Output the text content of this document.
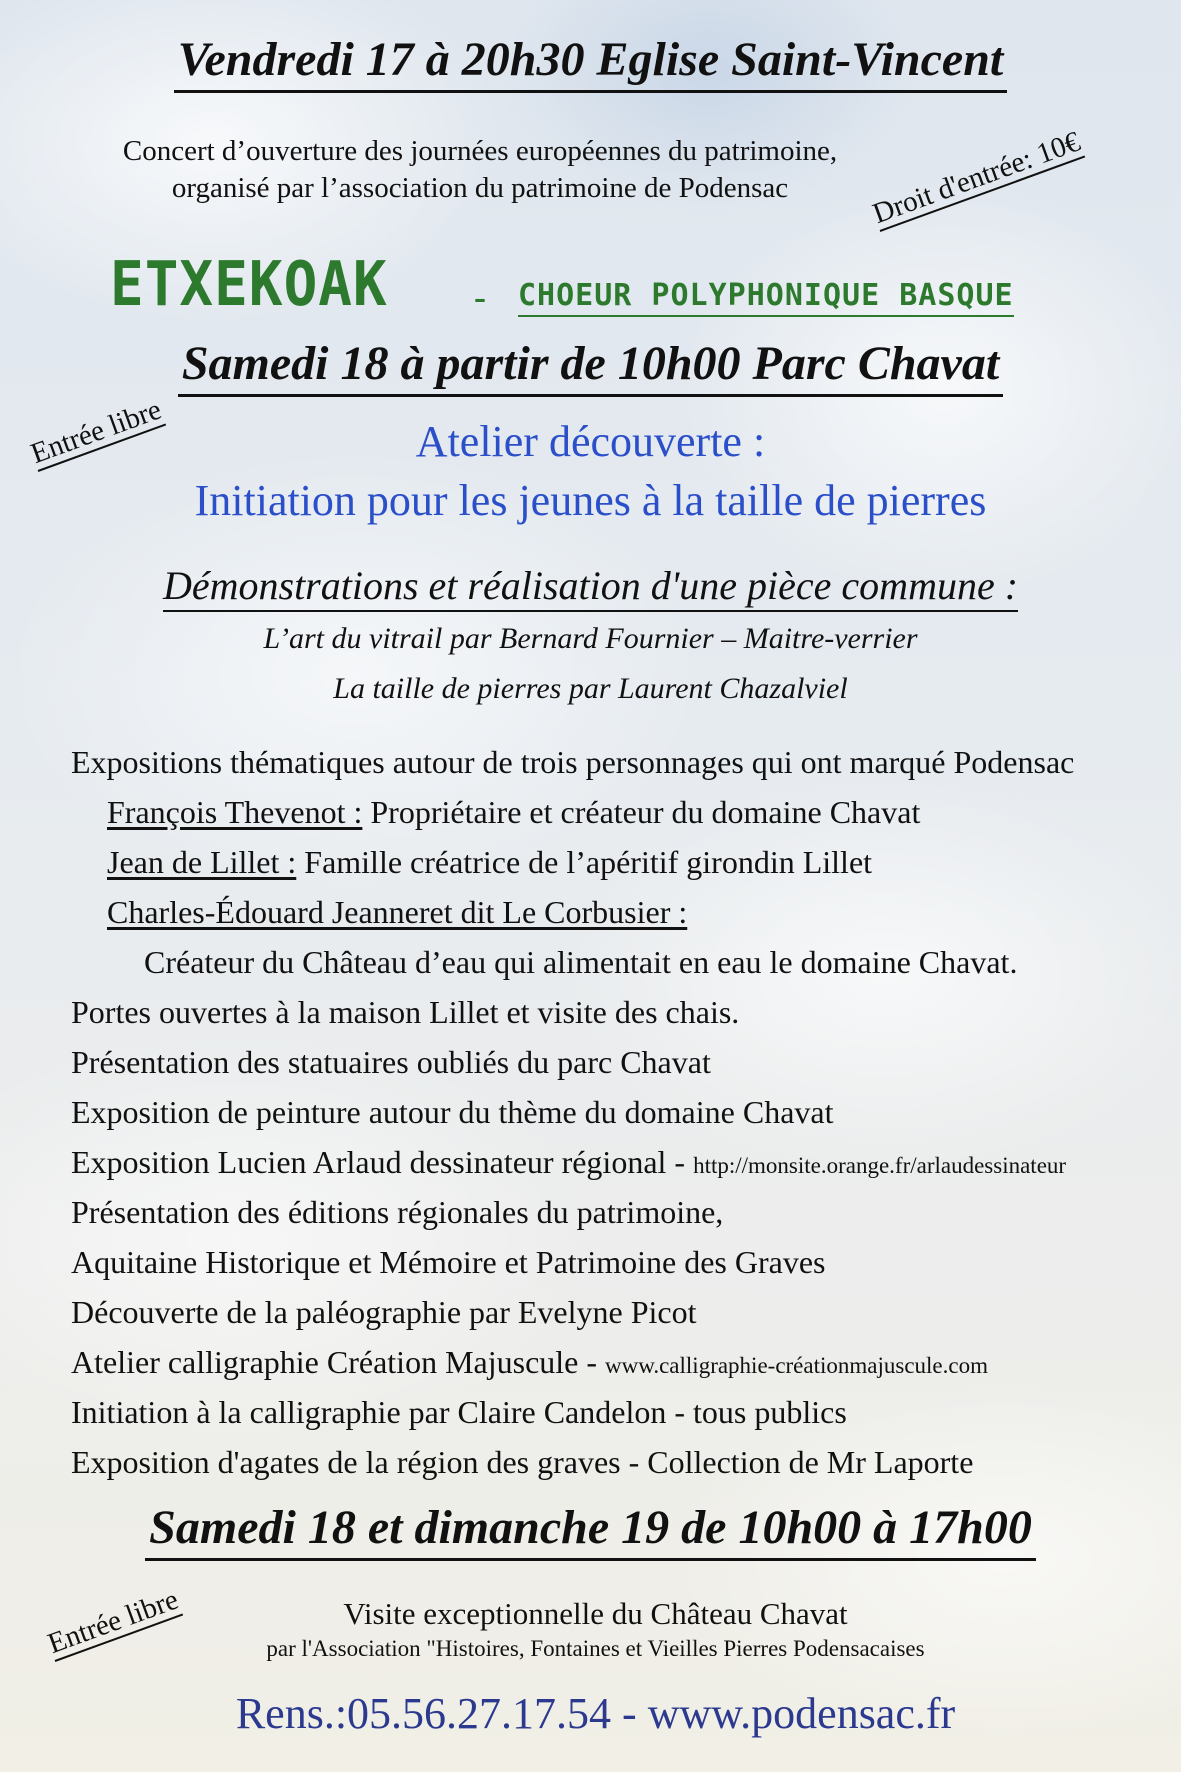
Vendredi 17 à 20h30 Eglise Saint-Vincent
Concert d’ouverture des journées européennes du patrimoine,
organisé par l’association du patrimoine de Podensac	Droit d'entrée: 10€
ETXEKOAK - CHOEUR POLYPHONIQUE BASQUE
Samedi 18 à partir de 10h00 Parc Chavat
Entrée libre	Atelier découverte :
Initiation pour les jeunes à la taille de pierres
Démonstrations et réalisation d'une pièce commune :
L’art du vitrail par Bernard Fournier – Maitre-verrier
La taille de pierres par Laurent Chazalviel
Expositions thématiques autour de trois personnages qui ont marqué Podensac
François Thevenot : Propriétaire et créateur du domaine Chavat
Jean de Lillet : Famille créatrice de l’apéritif girondin Lillet
Charles-Édouard Jeanneret dit Le Corbusier :
Créateur du Château d’eau qui alimentait en eau le domaine Chavat.
Portes ouvertes à la maison Lillet et visite des chais.
Présentation des statuaires oubliés du parc Chavat
Exposition de peinture autour du thème du domaine Chavat
Exposition Lucien Arlaud dessinateur régional - http://monsite.orange.fr/arlaudessinateur
Présentation des éditions régionales du patrimoine,
Aquitaine Historique et Mémoire et Patrimoine des Graves
Découverte de la paléographie par Evelyne Picot
Atelier calligraphie Création Majuscule - www.calligraphie-créationmajuscule.com
Initiation à la calligraphie par Claire Candelon - tous publics
Exposition d'agates de la région des graves - Collection de Mr Laporte
Samedi 18 et dimanche 19 de 10h00 à 17h00
Entrée libre	Visite exceptionnelle du Château Chavat
par l'Association "Histoires, Fontaines et Vieilles Pierres Podensacaises
Rens.:05.56.27.17.54 - www.podensac.fr
